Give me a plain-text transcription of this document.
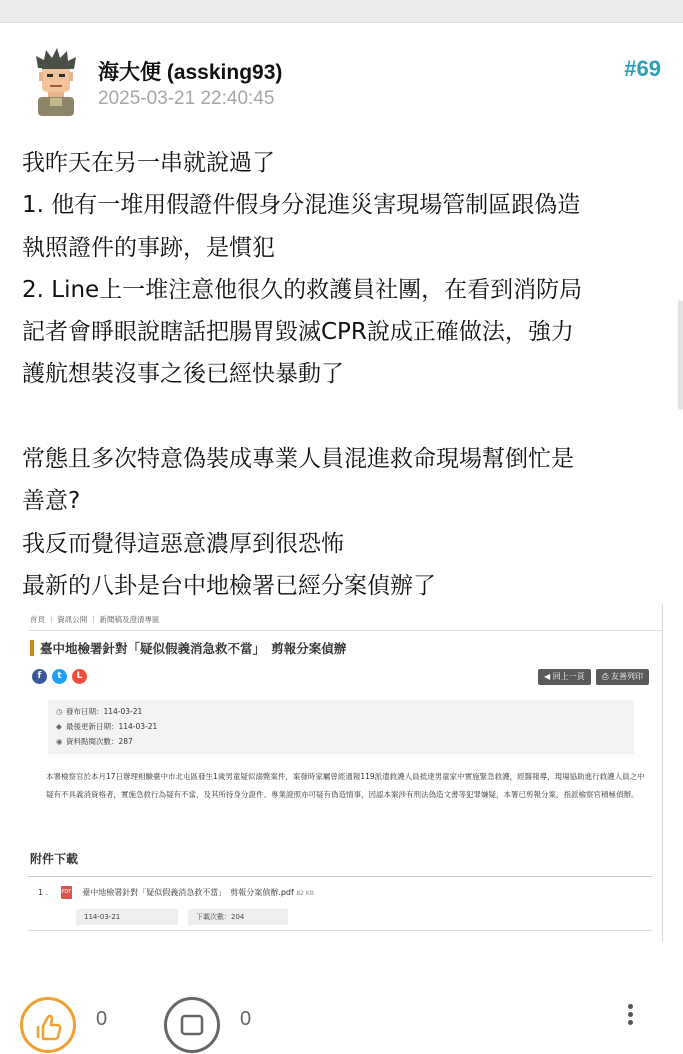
海大便 (assking93)
2025-03-21 22:40:45
#69
我昨天在另一串就說過了
1. 他有一堆用假證件假身分混進災害現場管制區跟偽造
執照證件的事跡，是慣犯
2. Line上一堆注意他很久的救護員社團，在看到消防局
記者會睜眼說瞎話把腸胃毀滅CPR說成正確做法，強力
護航想裝沒事之後已經快暴動了
常態且多次特意偽裝成專業人員混進救命現場幫倒忙是
善意?
我反而覺得這惡意濃厚到很恐怖
最新的八卦是台中地檢署已經分案偵辦了
首頁 ｜ 資訊公開 ｜ 新聞稿及澄清專區
臺中地檢署針對「疑似假義消急救不當」　剪報分案偵辦
f	t	L	◀ 回上一頁	⎙ 友善列印
◷ 發布日期：114-03-21
◆ 最後更新日期：114-03-21
◉ 資料點閱次數：287
本署檢察官於本月17日辦理相驗臺中市北屯區發生1歲男童疑似溺斃案件，案發時家屬曾經通報119派遣救護人員抵達男童家中實施緊急救護，經醫報導，現場協助進行救護人員之中疑有不具義消資格者，實施急救行為疑有不當，及其所持身分證件、專業證照亦可疑有偽造情事，因認本案涉有刑法偽造文書等犯罪嫌疑，本署已剪報分案，指派檢察官積極偵辦。
附件下載
1 .	PDF 臺中地檢署針對「疑似假義消急救不當」　剪報分案偵辦.pdf 82 KB
114-03-21	下載次數：204
0	0
